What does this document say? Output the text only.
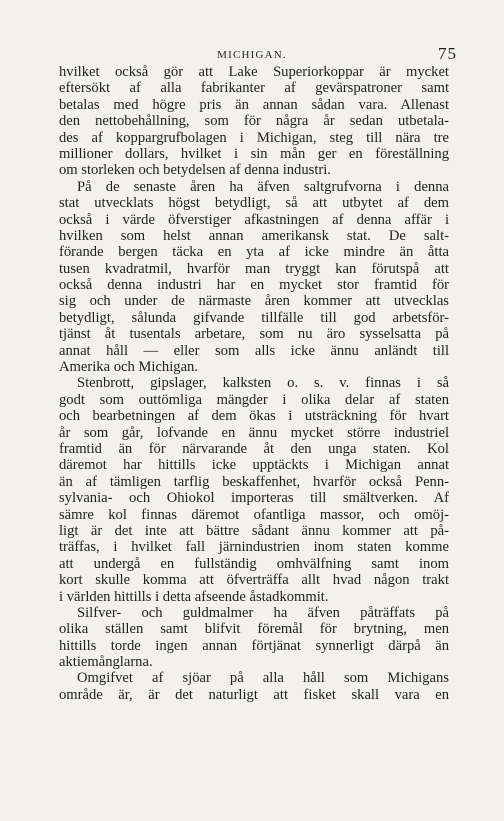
MICHIGAN.	75
hvilket också gör att Lake Superiorkoppar är mycket
eftersökt af alla fabrikanter af gevärspatroner samt
betalas med högre pris än annan sådan vara. Allenast
den nettobehållning, som för några år sedan utbetala-
des af koppargrufbolagen i Michigan, steg till nära tre
millioner dollars, hvilket i sin mån ger en föreställning
om storleken och betydelsen af denna industri.
På de senaste åren ha äfven saltgrufvorna i denna
stat utvecklats högst betydligt, så att utbytet af dem
också i värde öfverstiger afkastningen af denna affär i
hvilken som helst annan amerikansk stat. De salt-
förande bergen täcka en yta af icke mindre än åtta
tusen kvadratmil, hvarför man tryggt kan förutspå att
också denna industri har en mycket stor framtid för
sig och under de närmaste åren kommer att utvecklas
betydligt, sålunda gifvande tillfälle till god arbetsför-
tjänst åt tusentals arbetare, som nu äro sysselsatta på
annat håll — eller som alls icke ännu anländt till
Amerika och Michigan.
Stenbrott, gipslager, kalksten o. s. v. finnas i så
godt som outtömliga mängder i olika delar af staten
och bearbetningen af dem ökas i utsträckning för hvart
år som går, lofvande en ännu mycket större industriel
framtid än för närvarande åt den unga staten. Kol
däremot har hittills icke upptäckts i Michigan annat
än af tämligen tarflig beskaffenhet, hvarför också Penn-
sylvania- och Ohiokol importeras till smältverken. Af
sämre kol finnas däremot ofantliga massor, och omöj-
ligt är det inte att bättre sådant ännu kommer att på-
träffas, i hvilket fall järnindustrien inom staten komme
att undergå en fullständig omhvälfning samt inom
kort skulle komma att öfverträffa allt hvad någon trakt
i världen hittills i detta afseende åstadkommit.
Silfver- och guldmalmer ha äfven påträffats på
olika ställen samt blifvit föremål för brytning, men
hittills torde ingen annan förtjänat synnerligt därpå än
aktiemånglarna.
Omgifvet af sjöar på alla håll som Michigans
område är, är det naturligt att fisket skall vara en
